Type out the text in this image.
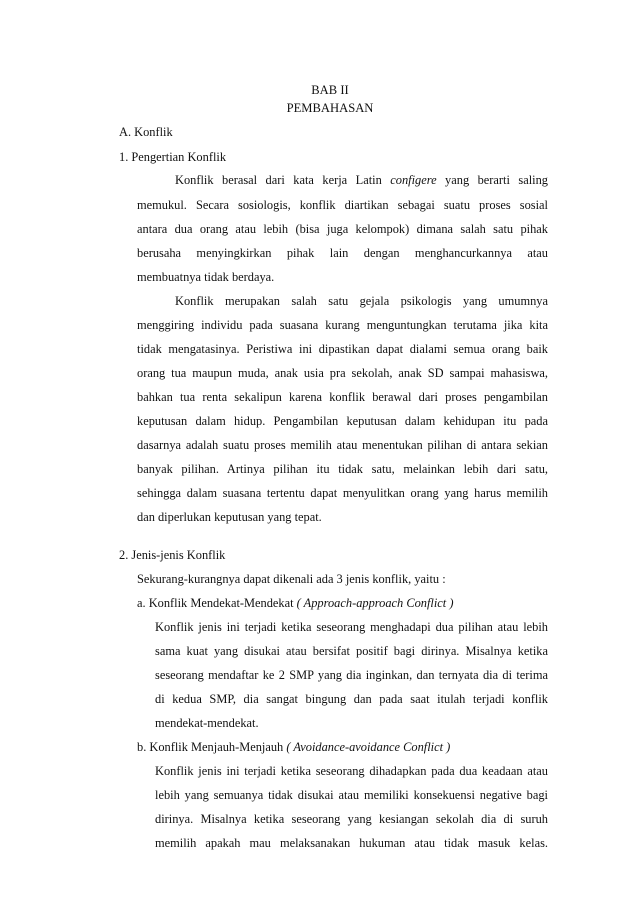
BAB II
PEMBAHASAN
A. Konflik
1. Pengertian Konflik
Konflik berasal dari kata kerja Latin configere yang berarti saling
memukul. Secara sosiologis, konflik diartikan sebagai suatu proses sosial
antara dua orang atau lebih (bisa juga kelompok) dimana salah satu pihak
berusaha menyingkirkan pihak lain dengan menghancurkannya atau
membuatnya tidak berdaya.
Konflik merupakan salah satu gejala psikologis yang umumnya
menggiring individu pada suasana kurang menguntungkan terutama jika kita
tidak mengatasinya. Peristiwa ini dipastikan dapat dialami semua orang baik
orang tua maupun muda, anak usia pra sekolah, anak SD sampai mahasiswa,
bahkan tua renta sekalipun karena konflik berawal dari proses pengambilan
keputusan dalam hidup. Pengambilan keputusan dalam kehidupan itu pada
dasarnya adalah suatu proses memilih atau menentukan pilihan di antara sekian
banyak pilihan. Artinya pilihan itu tidak satu, melainkan lebih dari satu,
sehingga dalam suasana tertentu dapat menyulitkan orang yang harus memilih
dan diperlukan keputusan yang tepat.
2. Jenis-jenis Konflik
Sekurang-kurangnya dapat dikenali ada 3 jenis konflik, yaitu :
a. Konflik Mendekat-Mendekat ( Approach-approach Conflict )
Konflik jenis ini terjadi ketika seseorang menghadapi dua pilihan atau lebih
sama kuat yang disukai atau bersifat positif bagi dirinya. Misalnya ketika
seseorang mendaftar ke 2 SMP yang dia inginkan, dan ternyata dia di terima
di kedua SMP, dia sangat bingung dan pada saat itulah terjadi konflik
mendekat-mendekat.
b. Konflik Menjauh-Menjauh ( Avoidance-avoidance Conflict )
Konflik jenis ini terjadi ketika seseorang dihadapkan pada dua keadaan atau
lebih yang semuanya tidak disukai atau memiliki konsekuensi negative bagi
dirinya. Misalnya ketika seseorang yang kesiangan sekolah dia di suruh
memilih apakah mau melaksanakan hukuman atau tidak masuk kelas.
